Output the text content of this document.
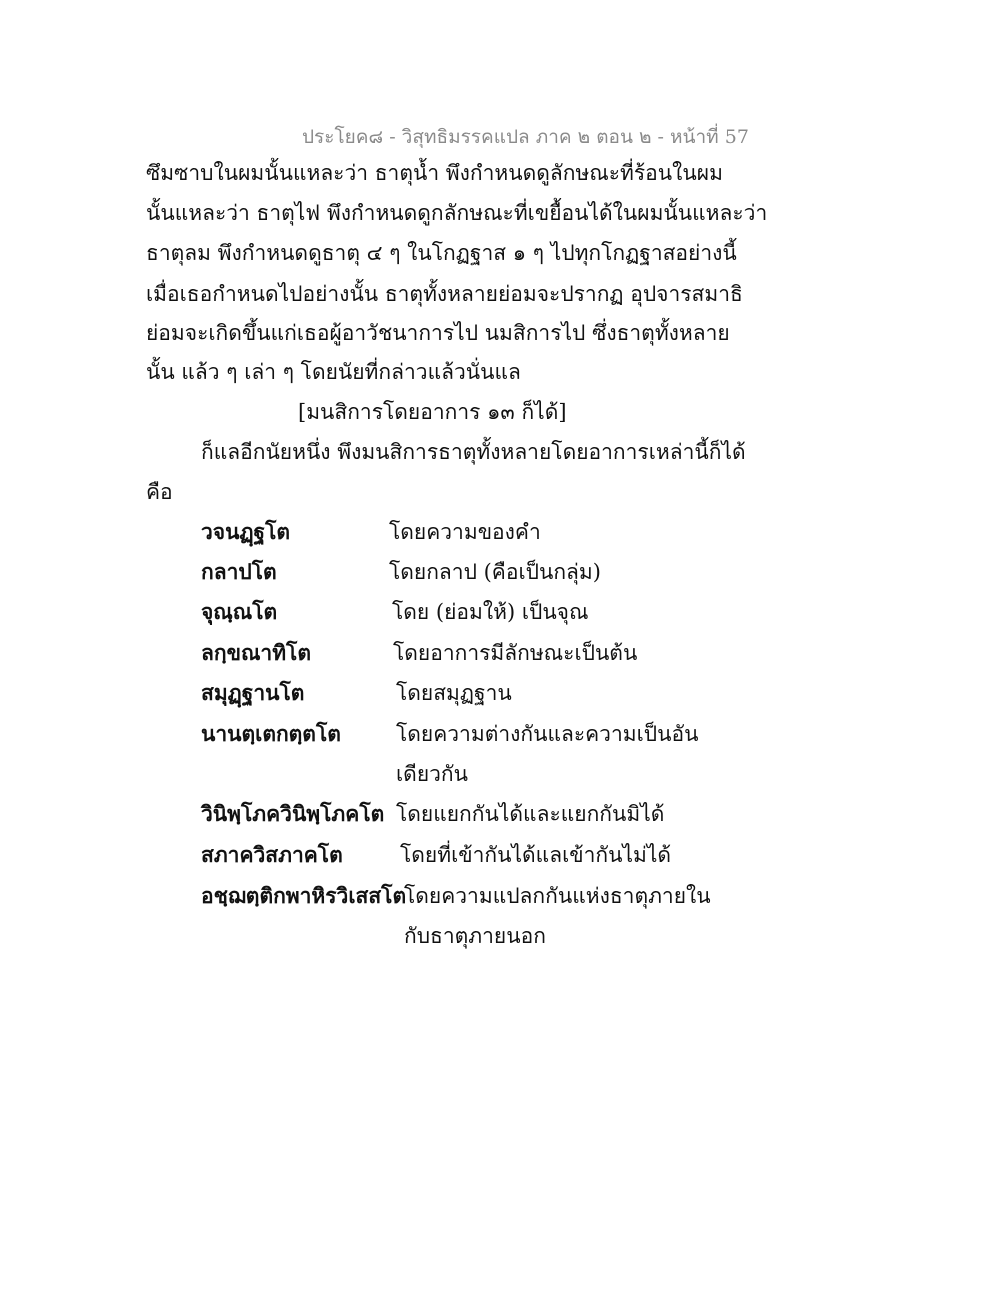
ประโยค๘ - วิสุทธิมรรคแปล ภาค ๒ ตอน ๒ - หน้าที่ 57
ซึมซาบในผมนั้นแหละว่า ธาตุน้ำ พึงกำหนดดูลักษณะที่ร้อนในผม
นั้นแหละว่า ธาตุไฟ พึงกำหนดดูกลักษณะที่เขยื้อนได้ในผมนั้นแหละว่า
ธาตุลม พึงกำหนดดูธาตุ ๔ ๆ ในโกฏฐาส ๑ ๆ ไปทุกโกฏฐาสอย่างนี้
เมื่อเธอกำหนดไปอย่างนั้น ธาตุทั้งหลายย่อมจะปรากฏ อุปจารสมาธิ
ย่อมจะเกิดขึ้นแก่เธอผู้อาวัชนาการไป นมสิการไป ซึ่งธาตุทั้งหลาย
นั้น แล้ว ๆ เล่า ๆ โดยนัยที่กล่าวแล้วนั่นแล
[มนสิการโดยอาการ ๑๓ ก็ได้]
ก็แลอีกนัยหนึ่ง พึงมนสิการธาตุทั้งหลายโดยอาการเหล่านี้ก็ได้
คือ
วจนฏฺฐโต	โดยความของคำ
กลาปโต	โดยกลาป (คือเป็นกลุ่ม)
จุณฺณโต	โดย (ย่อมให้) เป็นจุณ
ลกฺขณาทิโต	โดยอาการมีลักษณะเป็นต้น
สมุฏฺฐานโต	โดยสมุฏฐาน
นานตฺเตกตฺตโต	โดยความต่างกันและความเป็นอัน
เดียวกัน
วินิพฺโภควินิพฺโภคโต โดยแยกกันได้และแยกกันมิได้
สภาควิสภาคโต	โดยที่เข้ากันได้แลเข้ากันไม่ได้
อชฺฌตฺติกพาหิรวิเสสโต
โดยความแปลกกันแห่งธาตุภายใน
กับธาตุภายนอก
